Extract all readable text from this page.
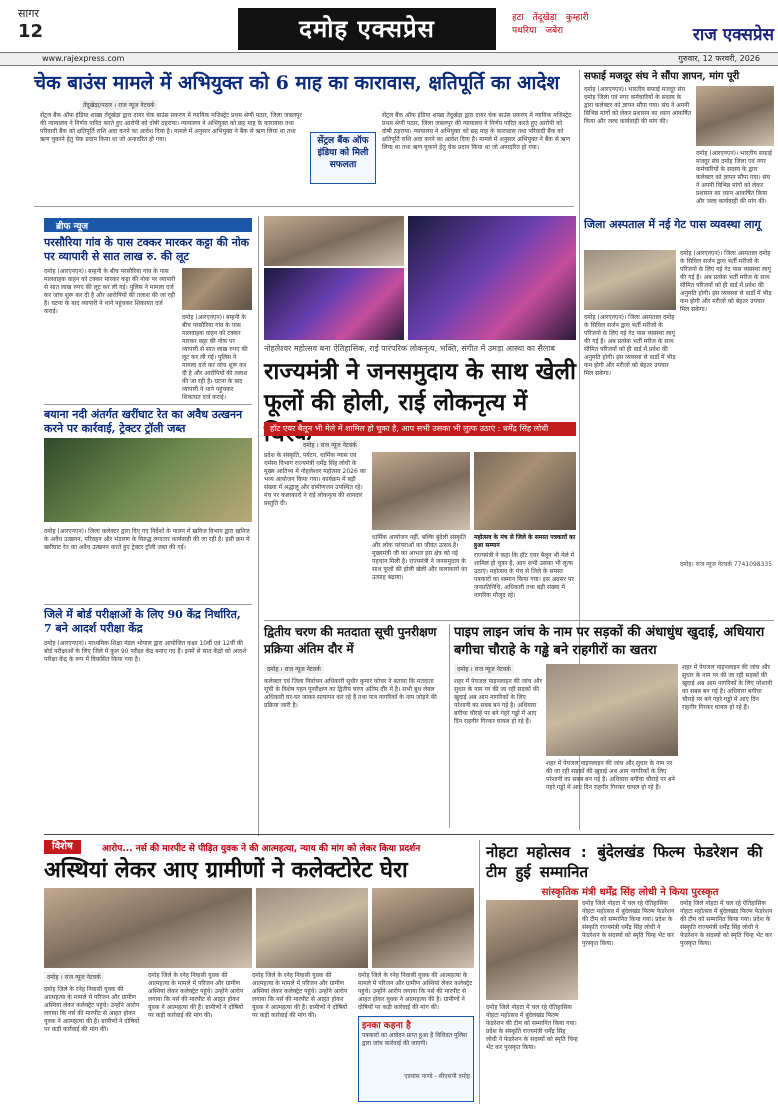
सागर
12	दमोह एक्सप्रेस	हटा तेंदूखेड़ा कुम्हारी
पथरिया जबेरा	राज एक्सप्रेस
www.rajexpress.com	गुरुवार, 12 फरवरी, 2026
चेक बाउंस मामले में अभियुक्त को 6 माह का कारावास, क्षतिपूर्ति का आदेश
तेंदूखेड़ा/पठार । राज न्यूज नेटवर्क
सेंट्रल बैंक ऑफ इंडिया शाखा तेंदूखेड़ा द्वारा दायर चेक बाउंस प्रकरण में न्यायिक मजिस्ट्रेट प्रथम श्रेणी पठार, जिला जबलपुर की न्यायालय ने निर्णय पारित करते हुए आरोपी को दोषी ठहराया। न्यायालय ने अभियुक्त को छह माह के कारावास तथा परिवादी बैंक को क्षतिपूर्ति राशि अदा करने का आदेश दिया है। मामले में अनुसार अभियुक्त ने बैंक से ऋण लिया था तथा ऋण चुकाने हेतु चेक प्रदान किया था जो अनादरित हो गया।	सेंट्रल बैंक ऑफ इंडिया को मिली सफलता
सेंट्रल बैंक ऑफ इंडिया शाखा तेंदूखेड़ा द्वारा दायर चेक बाउंस प्रकरण में न्यायिक मजिस्ट्रेट प्रथम श्रेणी पठार, जिला जबलपुर की न्यायालय ने निर्णय पारित करते हुए आरोपी को दोषी ठहराया। न्यायालय ने अभियुक्त को छह माह के कारावास तथा परिवादी बैंक को क्षतिपूर्ति राशि अदा करने का आदेश दिया है। मामले में अनुसार अभियुक्त ने बैंक से ऋण लिया था तथा ऋण चुकाने हेतु चेक प्रदान किया था जो अनादरित हो गया।
सफाई मजदूर संघ ने सौंपा ज्ञापन, मांग पूरी
दमोह (आरएनएन)। भारतीय सफाई मजदूर संघ दमोह जिला एवं नगर कर्मचारियों के सदस्य के द्वारा कलेक्टर को ज्ञापन सौंपा गया। संघ ने अपनी विभिन्न मांगों को लेकर प्रशासन का ध्यान आकर्षित किया और जल्द कार्यवाही की मांग की।
दमोह (आरएनएन)। भारतीय सफाई मजदूर संघ दमोह जिला एवं नगर कर्मचारियों के सदस्य के द्वारा कलेक्टर को ज्ञापन सौंपा गया। संघ ने अपनी विभिन्न मांगों को लेकर प्रशासन का ध्यान आकर्षित किया और जल्द कार्यवाही की मांग की।
ब्रीफ न्यूज
परसौरिया गांव के पास टक्कर मारकर कट्टा की नोक पर व्यापारी से सात लाख रु. की लूट
दमोह (आरएनएन)। बम्हनी के बीच परसौरिया गांव के पास मालवाहक वाहन को टक्कर मारकर कट्टा की नोक पर व्यापारी से सात लाख रुपए की लूट कर ली गई। पुलिस ने मामला दर्ज कर जांच शुरू कर दी है और आरोपियों की तलाश की जा रही है। घटना के बाद व्यापारी ने थाने पहुंचकर शिकायत दर्ज कराई।
दमोह (आरएनएन)। बम्हनी के बीच परसौरिया गांव के पास मालवाहक वाहन को टक्कर मारकर कट्टा की नोक पर व्यापारी से सात लाख रुपए की लूट कर ली गई। पुलिस ने मामला दर्ज कर जांच शुरू कर दी है और आरोपियों की तलाश की जा रही है। घटना के बाद व्यापारी ने थाने पहुंचकर शिकायत दर्ज कराई।
बयाना नदी अंतर्गत खरींघाट रेत का अवैध उत्खनन करने पर कार्रवाई, ट्रेक्टर ट्रॉली जब्त
दमोह (आरएनएन)। जिला कलेक्टर द्वारा दिए गए निर्देशों के पालन में खनिज विभाग द्वारा खनिज के अवैध उत्खनन, परिवहन और भंडारण के विरुद्ध लगातार कार्यवाही की जा रही है। इसी क्रम में खरींघाट रेत का अवैध उत्खनन करते हुए ट्रेक्टर ट्रॉली जब्त की गई।
जिले में बोर्ड परीक्षाओं के लिए 90 केंद्र निर्धारित, 7 बने आदर्श परीक्षा केंद्र
दमोह (आरएनएन)। माध्यमिक शिक्षा मंडल भोपाल द्वारा आयोजित कक्षा 10वीं एवं 12वीं की बोर्ड परीक्षाओं के लिए जिले में कुल 90 परीक्षा केंद्र बनाए गए हैं। इनमें से सात केंद्रों को आदर्श परीक्षा केंद्र के रूप में विकसित किया गया है।
नोहलेश्वर महोत्सव बना ऐतिहासिक, राई पारंपरिक लोकनृत्य, भक्ति, संगीत में उमड़ा आस्था का सैलाब
राज्यमंत्री ने जनसमुदाय के साथ खेली फूलों की होली, राई लोकनृत्य में
हॉट एयर बैलून भी मेले में शामिल हो चुका है, आप सभी उसका भी लुत्फ उठाएं : धर्मेंद्र सिंह लोधी
दमोह । राज न्यूज नेटवर्क
प्रदेश के संस्कृति, पर्यटन, धार्मिक न्यास एवं धर्मस्व विभाग राज्यमंत्री धर्मेंद्र सिंह लोधी के मुख्य आतिथ्य में नोहलेश्वर महोत्सव 2026 का भव्य आयोजन किया गया। कार्यक्रम में बड़ी संख्या में श्रद्धालु और ग्रामीणजन उपस्थित रहे। मंच पर कलाकारों ने राई लोकनृत्य की शानदार प्रस्तुति दी।
धार्मिक आयोजन नहीं, बल्कि बुंदेली संस्कृति और लोक परंपराओं का जीवंत उत्सव है। मुख्यमंत्री जी का आभार इस क्षेत्र को नई पहचान मिली है। राज्यमंत्री ने जनसमुदाय के साथ फूलों की होली खेली और कलाकारों का उत्साह बढ़ाया।
महोत्सव के मंच से जिले के समस्त पत्रकारों का हुआ सम्मान
राज्यमंत्री ने कहा कि हॉट एयर बैलून भी मेले में शामिल हो चुका है, आप सभी उसका भी लुत्फ उठाएं। महोत्सव के मंच से जिले के समस्त पत्रकारों का सम्मान किया गया। इस अवसर पर जनप्रतिनिधि, अधिकारी तथा बड़ी संख्या में नागरिक मौजूद रहे।
जिला अस्पताल में नई गेट पास व्यवस्था लागू
दमोह (आरएनएन)। जिला अस्पताल दमोह के सिविल सर्जन द्वारा भर्ती मरीजों के परिजनों के लिए नई गेट पास व्यवस्था लागू की गई है। अब प्रत्येक भर्ती मरीज के साथ सीमित परिजनों को ही वार्ड में प्रवेश की अनुमति होगी। इस व्यवस्था से वार्डों में भीड़ कम होगी और मरीजों को बेहतर उपचार मिल सकेगा।
दमोह (आरएनएन)। जिला अस्पताल दमोह के सिविल सर्जन द्वारा भर्ती मरीजों के परिजनों के लिए नई गेट पास व्यवस्था लागू की गई है। अब प्रत्येक भर्ती मरीज के साथ सीमित परिजनों को ही वार्ड में प्रवेश की अनुमति होगी। इस व्यवस्था से वार्डों में भीड़ कम होगी और मरीजों को बेहतर उपचार मिल सकेगा।
दमोह। राज न्यूज नेटवर्क 7741098335
द्वितीय चरण की मतदाता सूची पुनरीक्षण प्रक्रिया अंतिम दौर में
दमोह । राज न्यूज नेटवर्क
कलेक्टर एवं जिला निर्वाचन अधिकारी सुधीर कुमार कोचर ने बताया कि मतदाता सूची के विशेष गहन पुनरीक्षण का द्वितीय चरण अंतिम दौर में है। सभी बूथ लेवल अधिकारी घर-घर जाकर सत्यापन कर रहे हैं तथा पात्र नागरिकों के नाम जोड़ने की प्रक्रिया जारी है।
पाइप लाइन जांच के नाम पर सड़कों की अंधाधुंध खुदाई, अधियारा बगीचा चौराहे के गड्ढे बने राहगीरों का खतरा
दमोह । राज न्यूज नेटवर्क
शहर में पेयजल पाइपलाइन की जांच और सुधार के नाम पर की जा रही सड़कों की खुदाई अब आम नागरिकों के लिए परेशानी का सबब बन गई है। अधियारा बगीचा चौराहे पर बने गहरे गड्ढों में आए दिन राहगीर गिरकर घायल हो रहे हैं।
शहर में पेयजल पाइपलाइन की जांच और सुधार के नाम पर की जा रही सड़कों की खुदाई अब आम नागरिकों के लिए परेशानी का सबब बन गई है। अधियारा बगीचा चौराहे पर बने गहरे गड्ढों में आए दिन राहगीर गिरकर घायल हो रहे हैं।
शहर में पेयजल पाइपलाइन की जांच और सुधार के नाम पर की जा रही सड़कों की खुदाई अब आम नागरिकों के लिए परेशानी का सबब बन गई है। अधियारा बगीचा चौराहे पर बने गहरे गड्ढों में आए दिन राहगीर गिरकर घायल हो रहे हैं।
विशेष	आरोप... नर्स की मारपीट से पीड़ित युवक ने की आत्महत्या, न्याय की मांग को लेकर किया प्रदर्शन
अस्थियां लेकर आए ग्रामीणों ने कलेक्टोरेट घेरा
दमोह । राज न्यूज नेटवर्क
दमोह जिले के रनेह निवासी युवक की आत्महत्या के मामले में परिजन और ग्रामीण अस्थियां लेकर कलेक्ट्रेट पहुंचे। उन्होंने आरोप लगाया कि नर्स की मारपीट से आहत होकर युवक ने आत्महत्या की है। ग्रामीणों ने दोषियों पर कड़ी कार्रवाई की मांग की।
दमोह जिले के रनेह निवासी युवक की आत्महत्या के मामले में परिजन और ग्रामीण अस्थियां लेकर कलेक्ट्रेट पहुंचे। उन्होंने आरोप लगाया कि नर्स की मारपीट से आहत होकर युवक ने आत्महत्या की है। ग्रामीणों ने दोषियों पर कड़ी कार्रवाई की मांग की।
दमोह जिले के रनेह निवासी युवक की आत्महत्या के मामले में परिजन और ग्रामीण अस्थियां लेकर कलेक्ट्रेट पहुंचे। उन्होंने आरोप लगाया कि नर्स की मारपीट से आहत होकर युवक ने आत्महत्या की है। ग्रामीणों ने दोषियों पर कड़ी कार्रवाई की मांग की।
दमोह जिले के रनेह निवासी युवक की आत्महत्या के मामले में परिजन और ग्रामीण अस्थियां लेकर कलेक्ट्रेट पहुंचे। उन्होंने आरोप लगाया कि नर्स की मारपीट से आहत होकर युवक ने आत्महत्या की है। ग्रामीणों ने दोषियों पर कड़ी कार्रवाई की मांग की।
इनका कहना है
पत्रकारों का आवेदन प्राप्त हुआ है विधिवत पुलिस द्वारा जांच कार्रवाई की जाएगी।
एडवांस पाण्डे - सीएसपी दमोह
नोहटा महोत्सव : बुंदेलखंड फिल्म फेडरेशन की टीम हुई सम्मानित
सांस्कृतिक मंत्री धर्मेंद्र सिंह लोधी ने किया पुरस्कृत
दमोह जिले नोहटा में चल रहे ऐतिहासिक नोहटा महोत्सव में बुंदेलखंड फिल्म फेडरेशन की टीम को सम्मानित किया गया। प्रदेश के संस्कृति राज्यमंत्री धर्मेंद्र सिंह लोधी ने फेडरेशन के सदस्यों को स्मृति चिन्ह भेंट कर पुरस्कृत किया।
दमोह जिले नोहटा में चल रहे ऐतिहासिक नोहटा महोत्सव में बुंदेलखंड फिल्म फेडरेशन की टीम को सम्मानित किया गया। प्रदेश के संस्कृति राज्यमंत्री धर्मेंद्र सिंह लोधी ने फेडरेशन के सदस्यों को स्मृति चिन्ह भेंट कर पुरस्कृत किया।
दमोह जिले नोहटा में चल रहे ऐतिहासिक नोहटा महोत्सव में बुंदेलखंड फिल्म फेडरेशन की टीम को सम्मानित किया गया। प्रदेश के संस्कृति राज्यमंत्री धर्मेंद्र सिंह लोधी ने फेडरेशन के सदस्यों को स्मृति चिन्ह भेंट कर पुरस्कृत किया।
